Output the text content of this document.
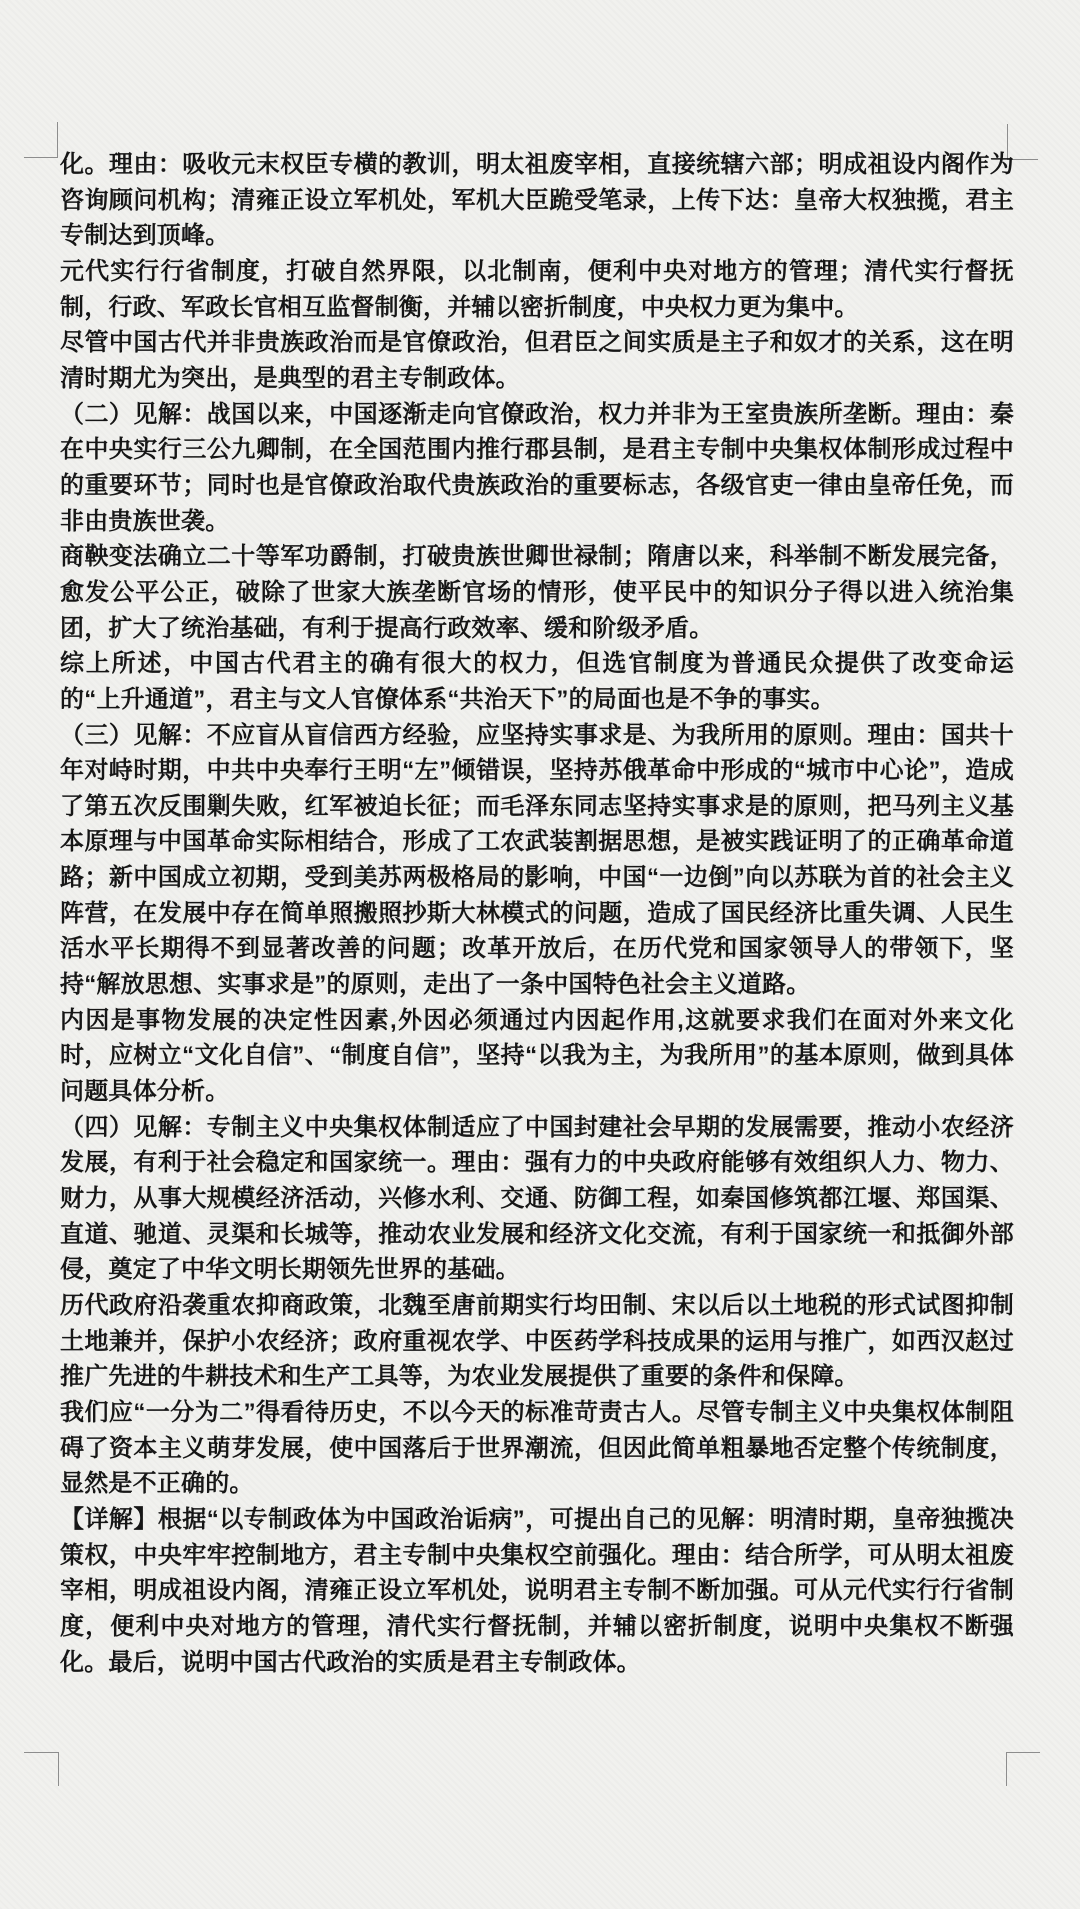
化。理由：吸收元末权臣专横的教训，明太祖废宰相，直接统辖六部；明成祖设内阁作为咨询顾问机构；清雍正设立军机处，军机大臣跪受笔录，上传下达：皇帝大权独揽，君主专制达到顶峰。

元代实行行省制度，打破自然界限，以北制南，便利中央对地方的管理；清代实行督抚制，行政、军政长官相互监督制衡，并辅以密折制度，中央权力更为集中。

尽管中国古代并非贵族政治而是官僚政治，但君臣之间实质是主子和奴才的关系，这在明清时期尤为突出，是典型的君主专制政体。

（二）见解：战国以来，中国逐渐走向官僚政治，权力并非为王室贵族所垄断。理由：秦在中央实行三公九卿制，在全国范围内推行郡县制，是君主专制中央集权体制形成过程中的重要环节；同时也是官僚政治取代贵族政治的重要标志，各级官吏一律由皇帝任免，而非由贵族世袭。

商鞅变法确立二十等军功爵制，打破贵族世卿世禄制；隋唐以来，科举制不断发展完备，愈发公平公正，破除了世家大族垄断官场的情形，使平民中的知识分子得以进入统治集团，扩大了统治基础，有利于提高行政效率、缓和阶级矛盾。

综上所述，中国古代君主的确有很大的权力，但选官制度为普通民众提供了改变命运的“上升通道”，君主与文人官僚体系“共治天下”的局面也是不争的事实。

（三）见解：不应盲从盲信西方经验，应坚持实事求是、为我所用的原则。理由：国共十年对峙时期，中共中央奉行王明“左”倾错误，坚持苏俄革命中形成的“城市中心论”，造成了第五次反围剿失败，红军被迫长征；而毛泽东同志坚持实事求是的原则，把马列主义基本原理与中国革命实际相结合，形成了工农武装割据思想，是被实践证明了的正确革命道路；新中国成立初期，受到美苏两极格局的影响，中国“一边倒”向以苏联为首的社会主义阵营，在发展中存在简单照搬照抄斯大林模式的问题，造成了国民经济比重失调、人民生活水平长期得不到显著改善的问题；改革开放后，在历代党和国家领导人的带领下，坚持“解放思想、实事求是”的原则，走出了一条中国特色社会主义道路。

内因是事物发展的决定性因素,外因必须通过内因起作用,这就要求我们在面对外来文化时，应树立“文化自信”、“制度自信”，坚持“以我为主，为我所用”的基本原则，做到具体问题具体分析。

（四）见解：专制主义中央集权体制适应了中国封建社会早期的发展需要，推动小农经济发展，有利于社会稳定和国家统一。理由：强有力的中央政府能够有效组织人力、物力、财力，从事大规模经济活动，兴修水利、交通、防御工程，如秦国修筑都江堰、郑国渠、直道、驰道、灵渠和长城等，推动农业发展和经济文化交流，有利于国家统一和抵御外部侵，奠定了中华文明长期领先世界的基础。

历代政府沿袭重农抑商政策，北魏至唐前期实行均田制、宋以后以土地税的形式试图抑制土地兼并，保护小农经济；政府重视农学、中医药学科技成果的运用与推广，如西汉赵过推广先进的牛耕技术和生产工具等，为农业发展提供了重要的条件和保障。

我们应“一分为二”得看待历史，不以今天的标准苛责古人。尽管专制主义中央集权体制阻碍了资本主义萌芽发展，使中国落后于世界潮流，但因此简单粗暴地否定整个传统制度，显然是不正确的。

【详解】根据“以专制政体为中国政治诟病”，可提出自己的见解：明清时期，皇帝独揽决策权，中央牢牢控制地方，君主专制中央集权空前强化。理由：结合所学，可从明太祖废宰相，明成祖设内阁，清雍正设立军机处，说明君主专制不断加强。可从元代实行行省制度，便利中央对地方的管理，清代实行督抚制，并辅以密折制度，说明中央集权不断强化。最后，说明中国古代政治的实质是君主专制政体。
